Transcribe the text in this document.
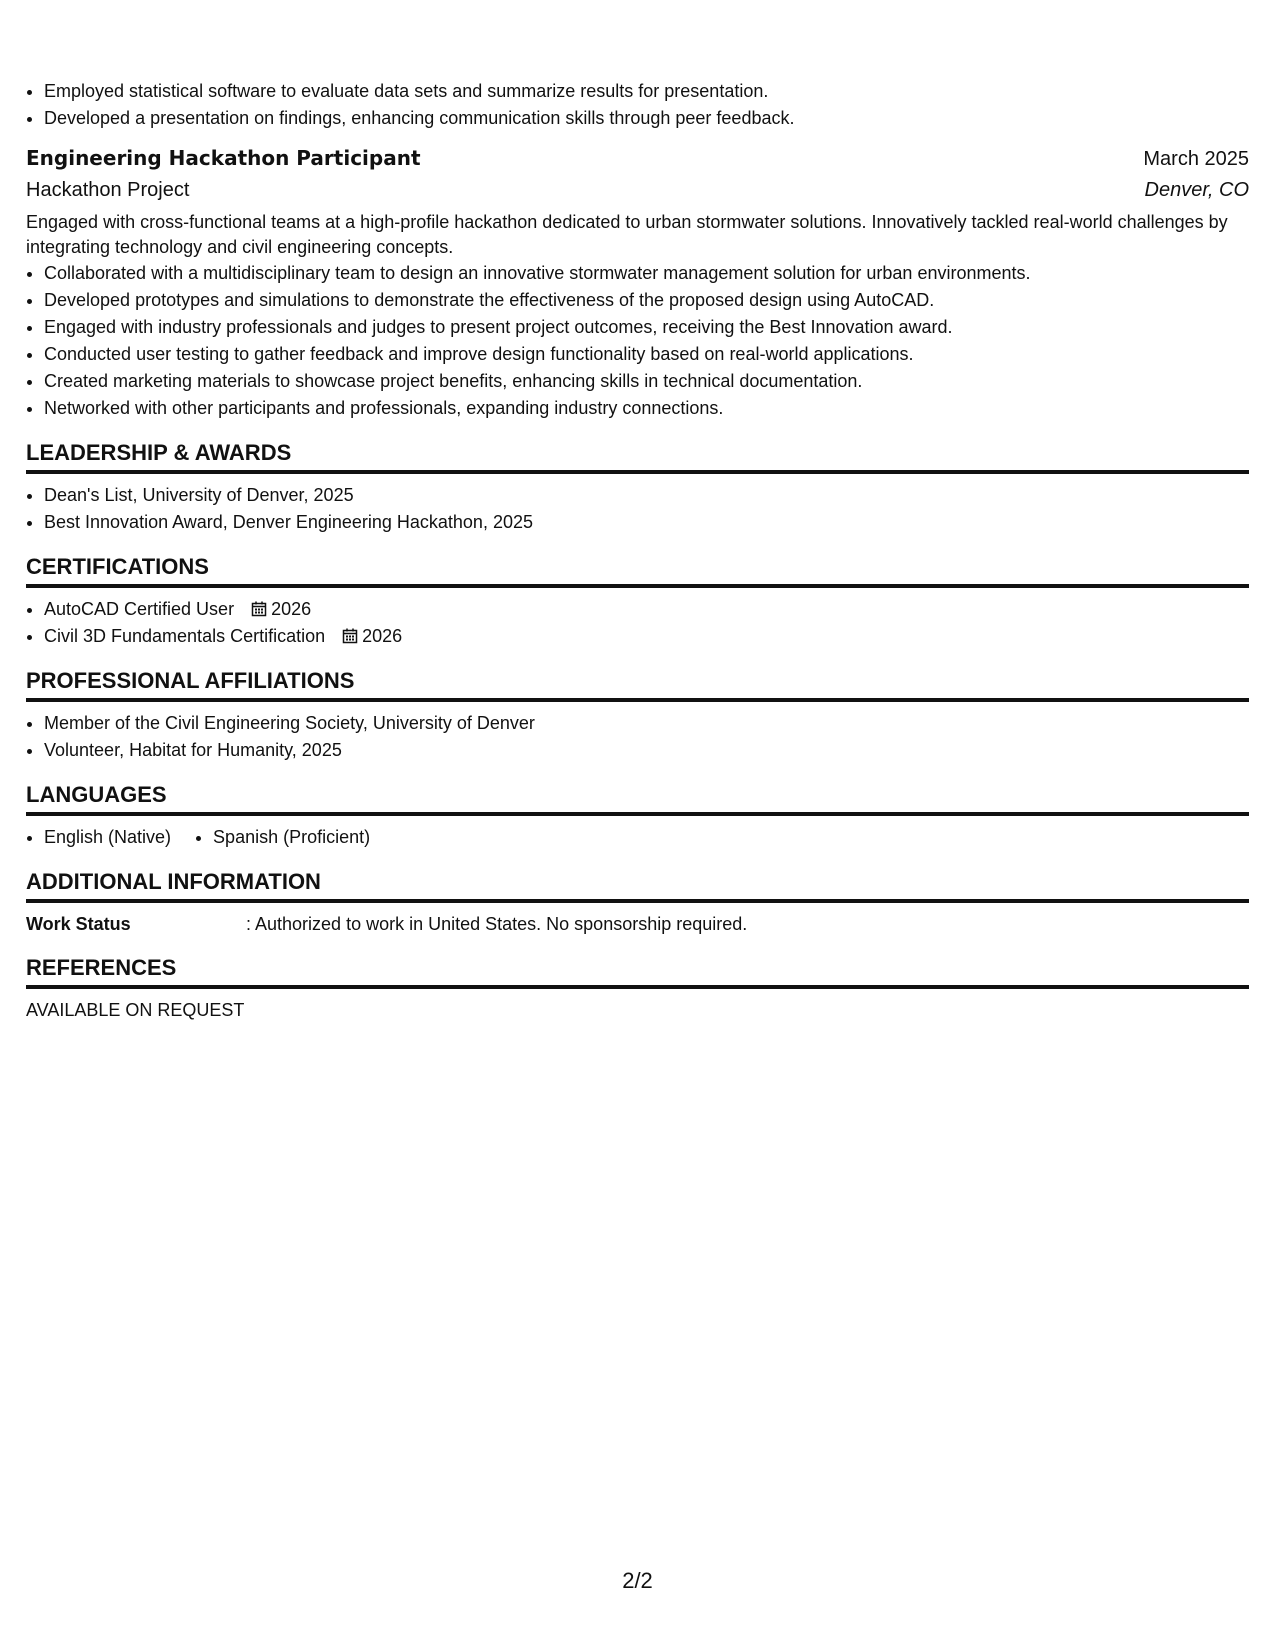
• Employed statistical software to evaluate data sets and summarize results for presentation.
• Developed a presentation on findings, enhancing communication skills through peer feedback.
Engineering Hackathon Participant	March 2025
Hackathon Project	Denver, CO
Engaged with cross-functional teams at a high-profile hackathon dedicated to urban stormwater solutions. Innovatively tackled real-world challenges by integrating technology and civil engineering concepts.
• Collaborated with a multidisciplinary team to design an innovative stormwater management solution for urban environments.
• Developed prototypes and simulations to demonstrate the effectiveness of the proposed design using AutoCAD.
• Engaged with industry professionals and judges to present project outcomes, receiving the Best Innovation award.
• Conducted user testing to gather feedback and improve design functionality based on real-world applications.
• Created marketing materials to showcase project benefits, enhancing skills in technical documentation.
• Networked with other participants and professionals, expanding industry connections.
LEADERSHIP & AWARDS
• Dean's List, University of Denver, 2025
• Best Innovation Award, Denver Engineering Hackathon, 2025
CERTIFICATIONS
• AutoCAD Certified User 2026
• Civil 3D Fundamentals Certification 2026
PROFESSIONAL AFFILIATIONS
• Member of the Civil Engineering Society, University of Denver
• Volunteer, Habitat for Humanity, 2025
LANGUAGES
• English (Native)
• Spanish (Proficient)
ADDITIONAL INFORMATION
Work Status	: Authorized to work in United States. No sponsorship required.
REFERENCES
AVAILABLE ON REQUEST
2/2
